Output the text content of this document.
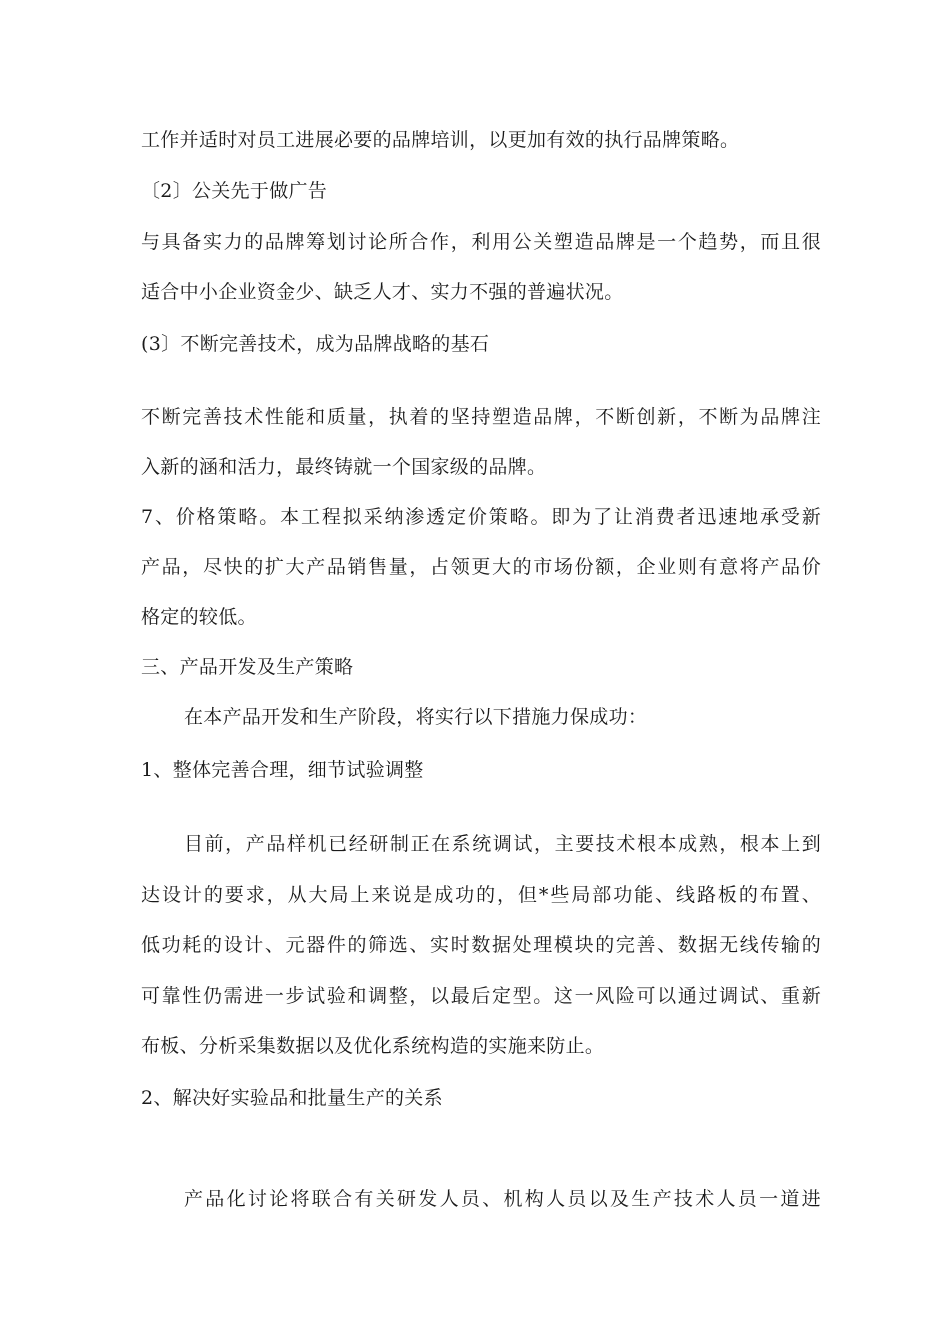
工作并适时对员工进展必要的品牌培训，以更加有效的执行品牌策略。
〔2〕公关先于做广告
与具备实力的品牌筹划讨论所合作，利用公关塑造品牌是一个趋势，而且很
适合中小企业资金少、缺乏人才、实力不强的普遍状况。
(3〕不断完善技术，成为品牌战略的基石
不断完善技术性能和质量，执着的坚持塑造品牌，不断创新，不断为品牌注
入新的涵和活力，最终铸就一个国家级的品牌。
7、价格策略。本工程拟采纳渗透定价策略。即为了让消费者迅速地承受新
产品，尽快的扩大产品销售量，占领更大的市场份额，企业则有意将产品价
格定的较低。
三、产品开发及生产策略
在本产品开发和生产阶段，将实行以下措施力保成功：
1、整体完善合理，细节试验调整
目前，产品样机已经研制正在系统调试，主要技术根本成熟，根本上到
达设计的要求，从大局上来说是成功的，但*些局部功能、线路板的布置、
低功耗的设计、元器件的筛选、实时数据处理模块的完善、数据无线传输的
可靠性仍需进一步试验和调整，以最后定型。这一风险可以通过调试、重新
布板、分析采集数据以及优化系统构造的实施来防止。
2、解决好实验品和批量生产的关系
产品化讨论将联合有关研发人员、机构人员以及生产技术人员一道进
